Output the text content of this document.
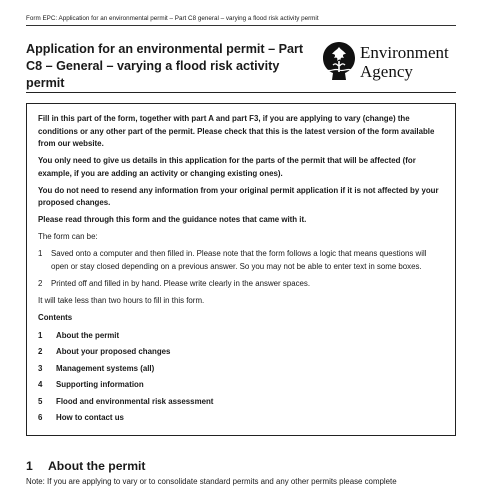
Form EPC: Application for an environmental permit – Part C8 general – varying a flood risk activity permit
Application for an environmental permit – Part C8 – General – varying a flood risk activity permit
Environment
Agency

Fill in this part of the form, together with part A and part F3, if you are applying to vary (change) the conditions or any other part of the permit. Please check that this is the latest version of the form available from our website.

You only need to give us details in this application for the parts of the permit that will be affected (for example, if you are adding an activity or changing existing ones).

You do not need to resend any information from your original permit application if it is not affected by your proposed changes.

Please read through this form and the guidance notes that came with it.

The form can be:

1	Saved onto a computer and then filled in. Please note that the form follows a logic that means questions will open or stay closed depending on a previous answer. So you may not be able to enter text in some boxes.

2	Printed off and filled in by hand. Please write clearly in the answer spaces.

It will take less than two hours to fill in this form.

Contents
1	About the permit
2	About your proposed changes
3	Management systems (all)
4	Supporting information
5	Flood and environmental risk assessment
6	How to contact us
1 About the permit
Note: If you are applying to vary or to consolidate standard permits and any other permits please complete
